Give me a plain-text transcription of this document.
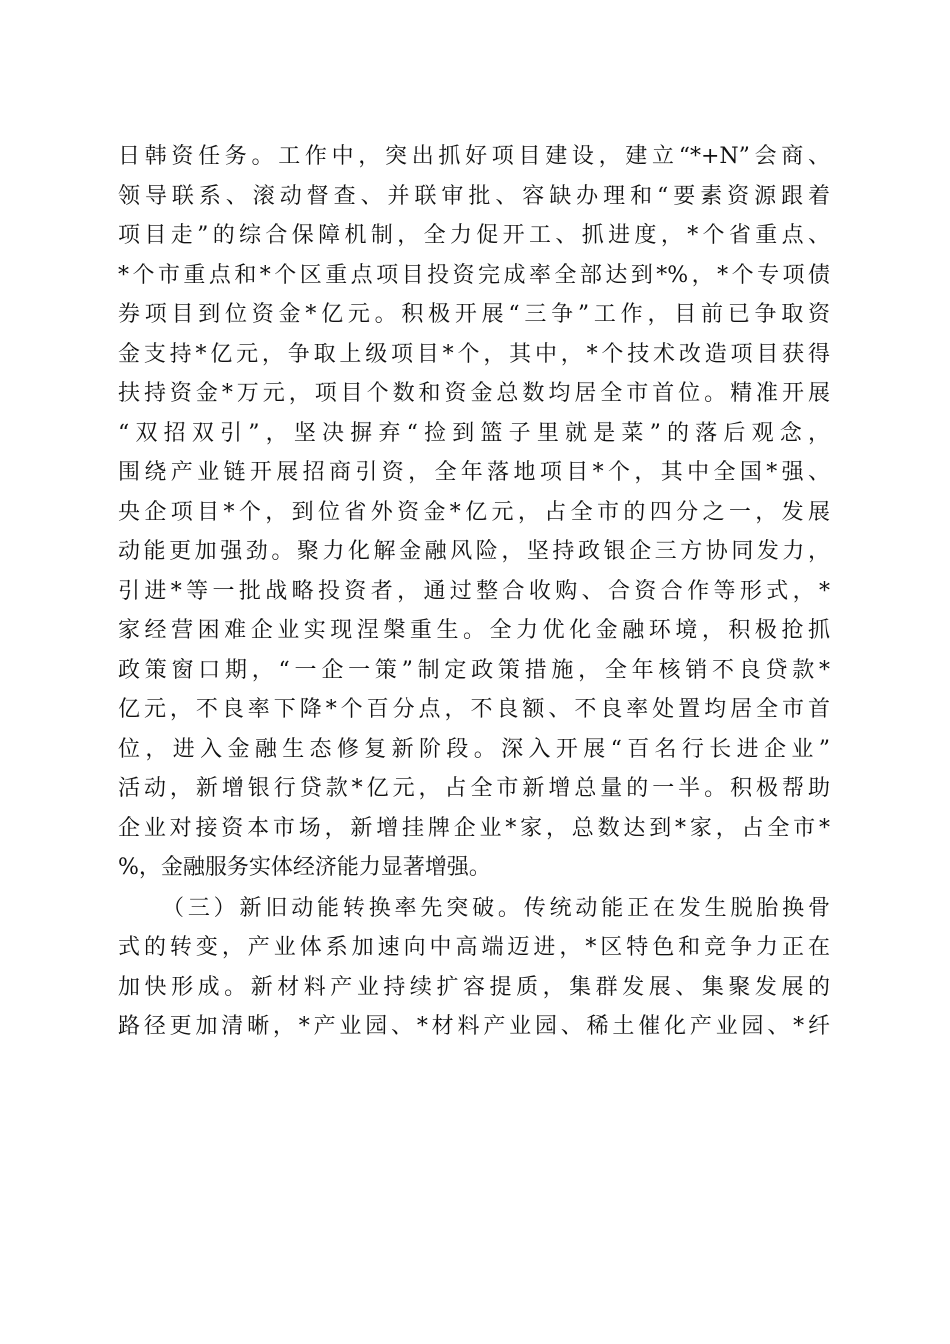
日韩资任务。工作中，突出抓好项目建设，建立“*+N”会商、
领导联系、滚动督查、并联审批、容缺办理和“要素资源跟着
项目走”的综合保障机制，全力促开工、抓进度，*个省重点、
*个市重点和*个区重点项目投资完成率全部达到*%，*个专项债
券项目到位资金*亿元。积极开展“三争”工作，目前已争取资
金支持*亿元，争取上级项目*个，其中，*个技术改造项目获得
扶持资金*万元，项目个数和资金总数均居全市首位。精准开展
“双招双引”，坚决摒弃“捡到篮子里就是菜”的落后观念，
围绕产业链开展招商引资，全年落地项目*个，其中全国*强、
央企项目*个，到位省外资金*亿元，占全市的四分之一，发展
动能更加强劲。聚力化解金融风险，坚持政银企三方协同发力，
引进*等一批战略投资者，通过整合收购、合资合作等形式，*
家经营困难企业实现涅槃重生。全力优化金融环境，积极抢抓
政策窗口期，“一企一策”制定政策措施，全年核销不良贷款*
亿元，不良率下降*个百分点，不良额、不良率处置均居全市首
位，进入金融生态修复新阶段。深入开展“百名行长进企业”
活动，新增银行贷款*亿元，占全市新增总量的一半。积极帮助
企业对接资本市场，新增挂牌企业*家，总数达到*家，占全市*
%，金融服务实体经济能力显著增强。
（三）新旧动能转换率先突破。传统动能正在发生脱胎换骨
式的转变，产业体系加速向中高端迈进，*区特色和竞争力正在
加快形成。新材料产业持续扩容提质，集群发展、集聚发展的
路径更加清晰，*产业园、*材料产业园、稀土催化产业园、*纤
